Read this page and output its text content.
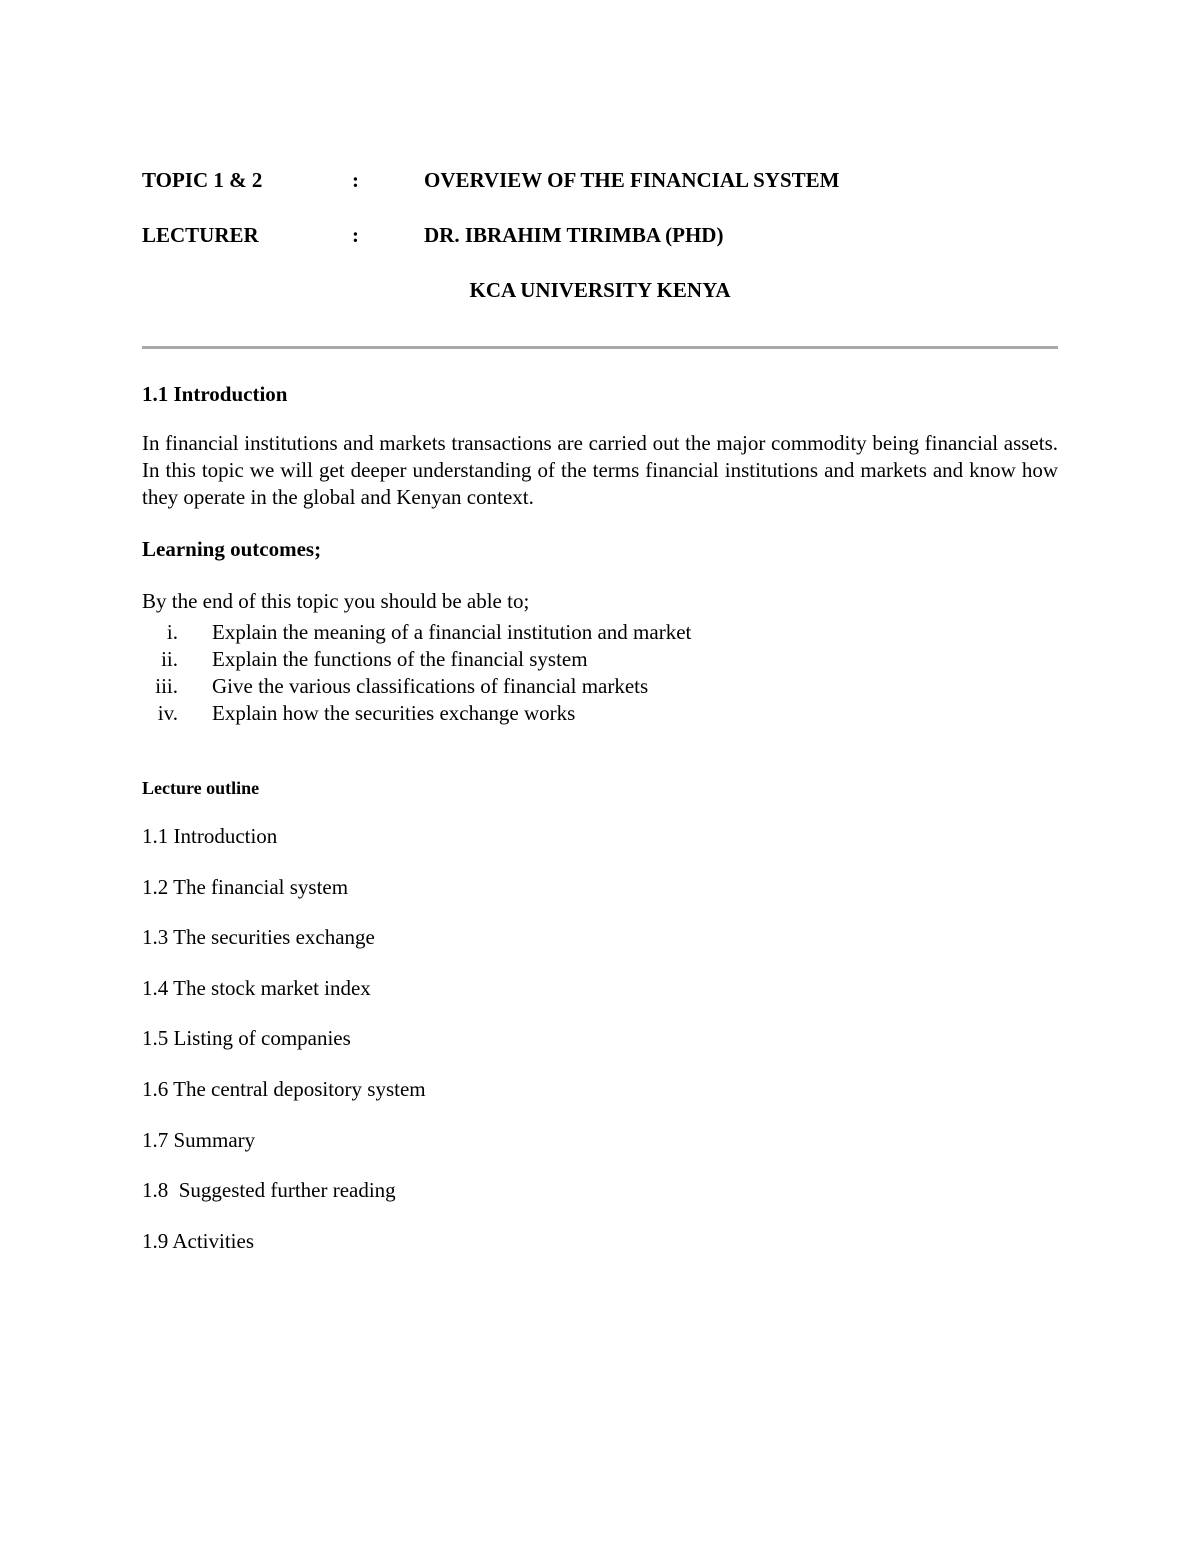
TOPIC 1 & 2	:	OVERVIEW OF THE FINANCIAL SYSTEM
LECTURER	:	DR. IBRAHIM TIRIMBA (PHD)
KCA UNIVERSITY KENYA
1.1 Introduction

In financial institutions and markets transactions are carried out the major commodity being financial assets. In this topic we will get deeper understanding of the terms financial institutions and markets and know how they operate in the global and Kenyan context.

Learning outcomes;
By the end of this topic you should be able to;
i. Explain the meaning of a financial institution and market
ii. Explain the functions of the financial system
iii. Give the various classifications of financial markets
iv. Explain how the securities exchange works
Lecture outline
1.1 Introduction
1.2 The financial system
1.3 The securities exchange
1.4 The stock market index
1.5 Listing of companies
1.6 The central depository system
1.7 Summary
1.8  Suggested further reading
1.9 Activities
